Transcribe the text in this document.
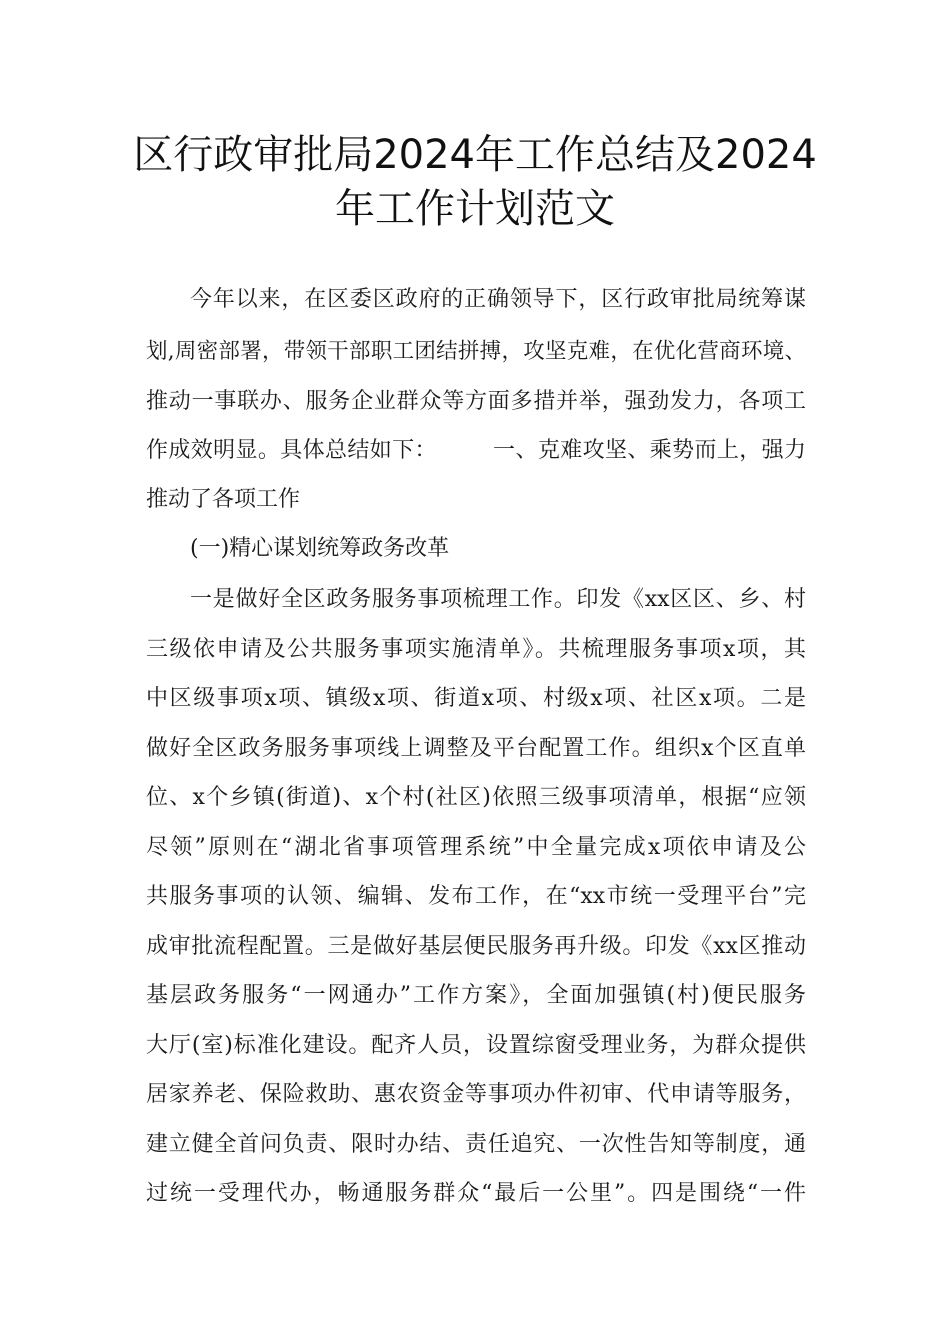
区行政审批局2024年工作总结及2024
年工作计划范文
今年以来，在区委区政府的正确领导下，区行政审批局统筹谋
划,周密部署，带领干部职工团结拼搏，攻坚克难，在优化营商环境、
推动一事联办、服务企业群众等方面多措并举，强劲发力，各项工
作成效明显。具体总结如下：　　　一、克难攻坚、乘势而上，强力
推动了各项工作
(一)精心谋划统筹政务改革
一是做好全区政务服务事项梳理工作。印发《xx区区、乡、村
三级依申请及公共服务事项实施清单》。共梳理服务事项x项，其
中区级事项x项、镇级x项、街道x项、村级x项、社区x项。二是
做好全区政务服务事项线上调整及平台配置工作。组织x个区直单
位、x个乡镇(街道)、x个村(社区)依照三级事项清单，根据“应领
尽领”原则在“湖北省事项管理系统”中全量完成x项依申请及公
共服务事项的认领、编辑、发布工作，在“xx市统一受理平台”完
成审批流程配置。三是做好基层便民服务再升级。印发《xx区推动
基层政务服务“一网通办”工作方案》，全面加强镇(村)便民服务
大厅(室)标准化建设。配齐人员，设置综窗受理业务，为群众提供
居家养老、保险救助、惠农资金等事项办件初审、代申请等服务，
建立健全首问负责、限时办结、责任追究、一次性告知等制度，通
过统一受理代办，畅通服务群众“最后一公里”。四是围绕“一件
